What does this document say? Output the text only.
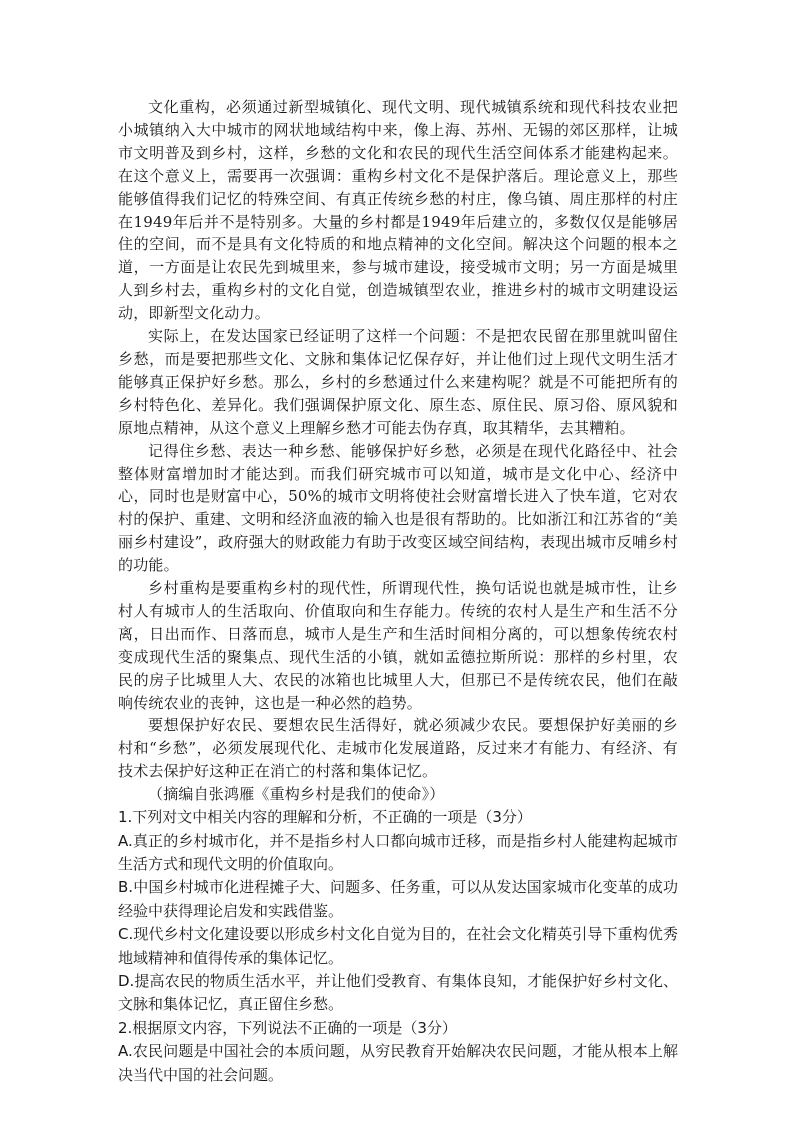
文化重构，必须通过新型城镇化、现代文明、现代城镇系统和现代科技农业把小城镇纳入大中城市的网状地域结构中来，像上海、苏州、无锡的郊区那样，让城市文明普及到乡村，这样，乡愁的文化和农民的现代生活空间体系才能建构起来。在这个意义上，需要再一次强调：重构乡村文化不是保护落后。理论意义上，那些能够值得我们记忆的特殊空间、有真正传统乡愁的村庄，像乌镇、周庄那样的村庄在1949年后并不是特别多。大量的乡村都是1949年后建立的，多数仅仅是能够居住的空间，而不是具有文化特质的和地点精神的文化空间。解决这个问题的根本之道，一方面是让农民先到城里来，参与城市建设，接受城市文明；另一方面是城里人到乡村去，重构乡村的文化自觉，创造城镇型农业，推进乡村的城市文明建设运动，即新型文化动力。

实际上，在发达国家已经证明了这样一个问题：不是把农民留在那里就叫留住乡愁，而是要把那些文化、文脉和集体记忆保存好，并让他们过上现代文明生活才能够真正保护好乡愁。那么，乡村的乡愁通过什么来建构呢？就是不可能把所有的乡村特色化、差异化。我们强调保护原文化、原生态、原住民、原习俗、原风貌和原地点精神，从这个意义上理解乡愁才可能去伪存真，取其精华，去其糟粕。

记得住乡愁、表达一种乡愁、能够保护好乡愁，必须是在现代化路径中、社会整体财富增加时才能达到。而我们研究城市可以知道，城市是文化中心、经济中心，同时也是财富中心，50%的城市文明将使社会财富增长进入了快车道，它对农村的保护、重建、文明和经济血液的输入也是很有帮助的。比如浙江和江苏省的“美丽乡村建设”，政府强大的财政能力有助于改变区域空间结构，表现出城市反哺乡村的功能。

乡村重构是要重构乡村的现代性，所谓现代性，换句话说也就是城市性，让乡村人有城市人的生活取向、价值取向和生存能力。传统的农村人是生产和生活不分离，日出而作、日落而息，城市人是生产和生活时间相分离的，可以想象传统农村变成现代生活的聚集点、现代生活的小镇，就如孟德拉斯所说：那样的乡村里，农民的房子比城里人大、农民的冰箱也比城里人大，但那已不是传统农民，他们在敲响传统农业的丧钟，这也是一种必然的趋势。

要想保护好农民、要想农民生活得好，就必须减少农民。要想保护好美丽的乡村和“乡愁”，必须发展现代化、走城市化发展道路，反过来才有能力、有经济、有技术去保护好这种正在消亡的村落和集体记忆。

（摘编自张鸿雁《重构乡村是我们的使命》）

1.下列对文中相关内容的理解和分析，不正确的一项是（3分）

A.真正的乡村城市化，并不是指乡村人口都向城市迁移，而是指乡村人能建构起城市生活方式和现代文明的价值取向。

B.中国乡村城市化进程摊子大、问题多、任务重，可以从发达国家城市化变革的成功经验中获得理论启发和实践借鉴。

C.现代乡村文化建设要以形成乡村文化自觉为目的，在社会文化精英引导下重构优秀地域精神和值得传承的集体记忆。

D.提高农民的物质生活水平，并让他们受教育、有集体良知，才能保护好乡村文化、文脉和集体记忆，真正留住乡愁。

2.根据原文内容，下列说法不正确的一项是（3分）

A.农民问题是中国社会的本质问题，从穷民教育开始解决农民问题，才能从根本上解决当代中国的社会问题。
